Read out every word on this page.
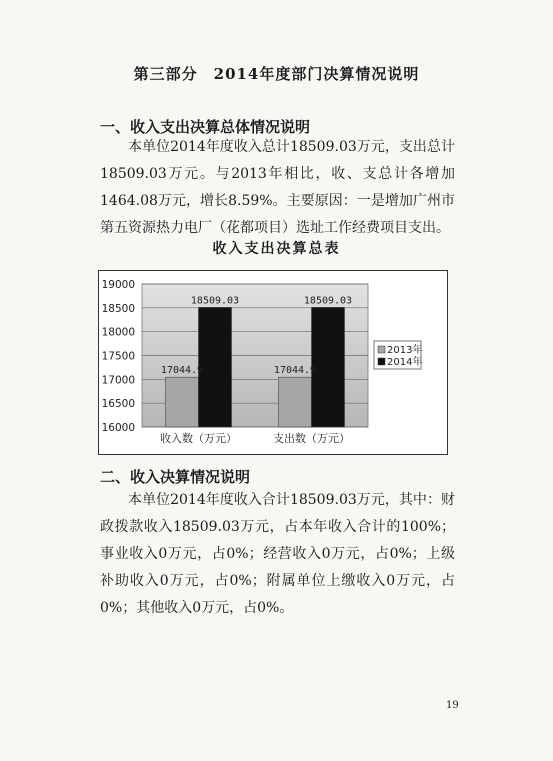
第三部分　2014年度部门决算情况说明
一、收入支出决算总体情况说明

本单位2014年度收入总计18509.03万元，支出总计18509.03万元。与2013年相比，收、支总计各增加1464.08万元，增长8.59%。主要原因：一是增加广州市第五资源热力电厂（花都项目）选址工作经费项目支出。

收入支出决算总表
16000
16500
17000
17500
18000
18500
19000
17044.9
18509.03
17044.9
18509.03
收入数（万元）	支出数（万元）
2013年
2014年
二、收入决算情况说明

本单位2014年度收入合计18509.03万元，其中：财政拨款收入18509.03万元，占本年收入合计的100%；事业收入0万元，占0%；经营收入0万元，占0%；上级补助收入0万元，占0%；附属单位上缴收入0万元，占0%；其他收入0万元，占0%。

19
